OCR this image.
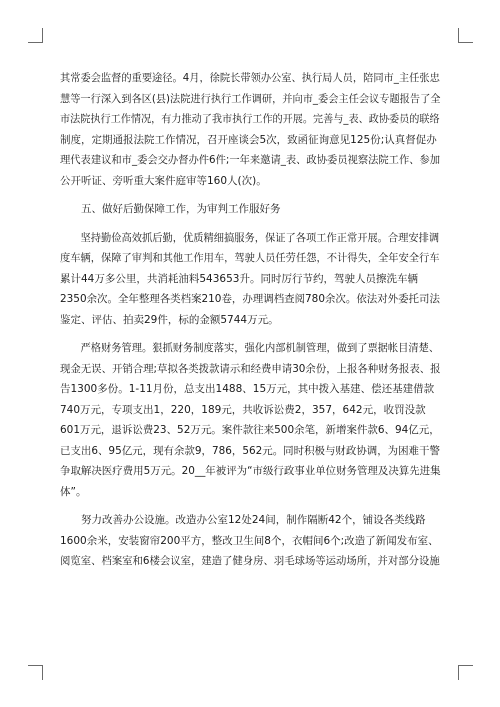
其常委会监督的重要途径。4月，徐院长带领办公室、执行局人员，陪同市_主任张忠
慧等一行深入到各区(县)法院进行执行工作调研，并向市_委会主任会议专题报告了全
市法院执行工作情况，有力推动了我市执行工作的开展。完善与_表、政协委员的联络
制度，定期通报法院工作情况，召开座谈会5次，致函征询意见125份;认真督促办
理代表建议和市_委会交办督办件6件;一年来邀请_表、政协委员视察法院工作、参加
公开听证、旁听重大案件庭审等160人(次)。
五、做好后勤保障工作，为审判工作服好务
坚持勤俭高效抓后勤，优质精细搞服务，保证了各项工作正常开展。合理安排调
度车辆，保障了审判和其他工作用车，驾驶人员任劳任怨，不计得失，全年安全行车
累计44万多公里，共消耗油料543653升。同时厉行节约，驾驶人员擦洗车辆
2350余次。全年整理各类档案210卷，办理调档查阅780余次。依法对外委托司法
鉴定、评估、拍卖29件，标的金额5744万元。
严格财务管理。狠抓财务制度落实，强化内部机制管理，做到了票据帐目清楚、
现金无误、开销合理;草拟各类拨款请示和经费申请30余份，上报各种财务报表、报
告1300多份。1-11月份，总支出1488、15万元，其中拨入基建、偿还基建借款
740万元，专项支出1，220，189元，共收诉讼费2，357，642元，收罚没款
601万元，退诉讼费23、52万元。案件款往来500余笔，新增案件款6、94亿元，
已支出6、95亿元，现有余款9，786，562元。同时积极与财政协调，为困难干警
争取解决医疗费用5万元。20__年被评为“市级行政事业单位财务管理及决算先进集
体”。
努力改善办公设施。改造办公室12处24间，制作隔断42个，铺设各类线路
1600余米，安装窗帘200平方，整改卫生间8个，衣帽间6个;改造了新闻发布室、
阅览室、档案室和6楼会议室，建造了健身房、羽毛球场等运动场所，并对部分设施
